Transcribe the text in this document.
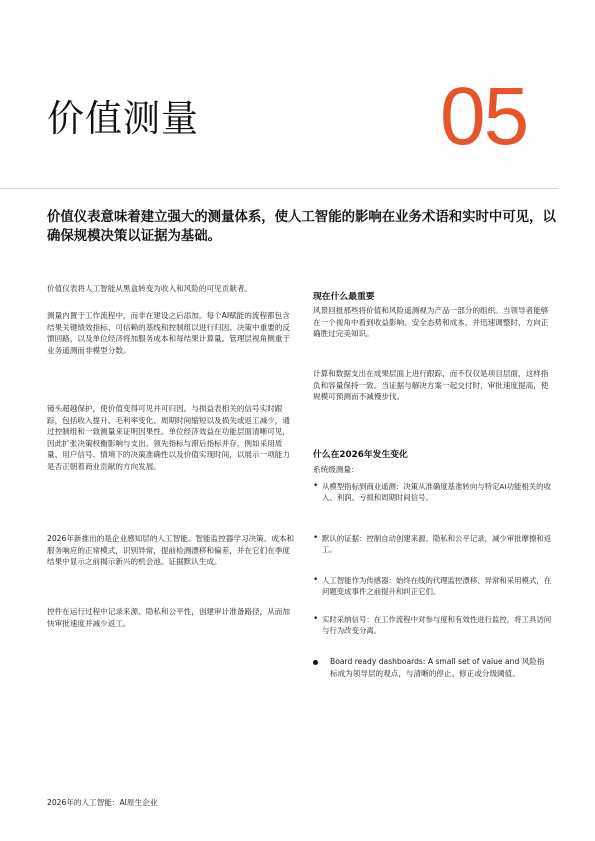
价值测量	05
价值仪表意味着建立强大的测量体系，使人工智能的影响在业务术语和实时中可见，以确保规模决策以证据为基础。
价值仪表将人工智能从黑盒转变为收入和风险的可见贡献者。
测量内置于工作流程中，而非在建设之后添加。每个AI赋能的流程都包含结果关键绩效指标、可信赖的基线和控制组以进行归因、决策中重要的反馈回路，以及单位经济将加服务成本和每结果计算量。管理层视角侧重于业务遥测而非模型分数。
镜头超越保护，使价值变得可见并可归因。与损益表相关的信号实时跟踪，包括收入提升、毛利率变化、周期时间缩短以及损失或返工减少，通过控制组和一致测量来证明因果性。单位经济效益在功能层面清晰可见，因此扩张决策权衡影响与支出。领先指标与滞后指标并存，例如采用质量、用户信号、情境下的决策准确性以及价值实现时间，以展示一项能力是否正朝着商业贡献的方向发展。
2026年新推出的是企业感知层的人工智能。智能监控器学习决策、成本和服务响应的正常模式，识别异常，提前检测漂移和偏差，并在它们在季度结果中显示之前揭示新兴的机会池。证据默认生成。
控件在运行过程中记录来源、隐私和公平性，创建审计准备路径，从而加快审批速度并减少返工。
现在什么最重要
风景回报那些将价值和风险遥测视为产品一部分的组织。当领导者能够在一个视角中看到收益影响、安全态势和成本，并迅速调整时，方向正确胜过完美知识。
计算和数据支出在成果层面上进行跟踪，而不仅仅是项目层面，这样指负和容量保持一致。当证据与解决方案一起交付时，审批速度提高，使规模可预测而不减慢步伐。
什么在2026年发生变化
系统级测量：
• 从模型指标到商业遥测：决策从准确度基准转向与特定AI功能相关的收入、利润、亏损和周期时间信号。
• 默认的证据：控制自动创建来源、隐私和公平记录，减少审批摩擦和返工。
• 人工智能作为传感器：始终在线的代理监控漂移、异常和采用模式，在问题变成事件之前提升和纠正它们。
• 实时采纳信号：在工作流程中对参与度和有效性进行监控，将工具访问与行为改变分离。
Board ready dashboards: A small set of value and 风险指标成为领导层的观点，与清晰的停止、修正或分级阈值。
2026年的人工智能：AI原生企业
